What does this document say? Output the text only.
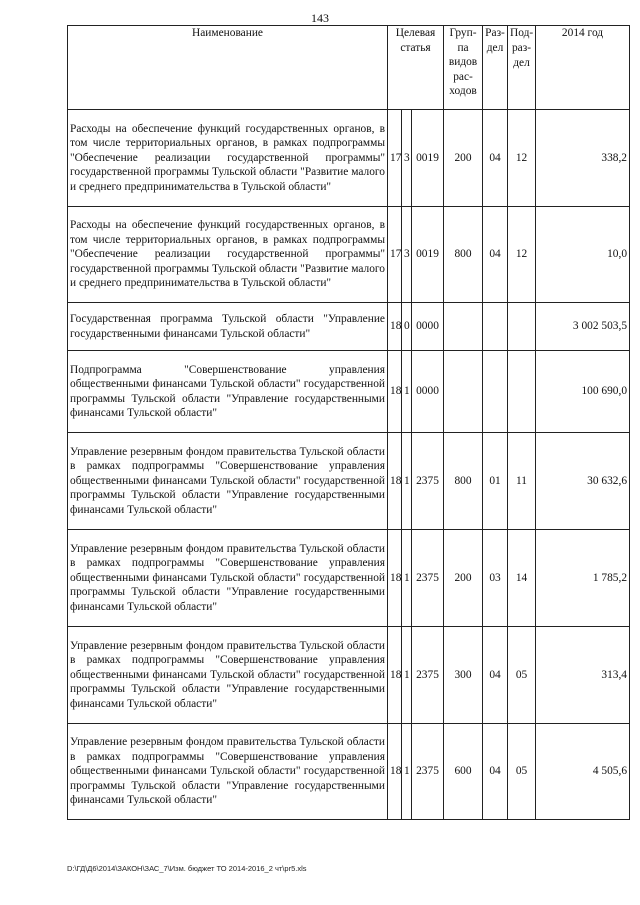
143
Наименование	Целевая статья			Груп-
па
видов
рас-
ходов	Раз-
дел	Под-
раз-
дел	2014 год
Расходы на обеспечение функций государственных органов, в том числе территориальных органов, в рамках подпрограммы "Обеспечение реализации государственной программы" государственной программы Тульской области "Развитие малого и среднего предпринимательства в Тульской области"	17	3	0019	200	04	12	338,2
Расходы на обеспечение функций государственных органов, в том числе территориальных органов, в рамках подпрограммы "Обеспечение реализации государственной программы" государственной программы Тульской области "Развитие малого и среднего предпринимательства в Тульской области"	17	3	0019	800	04	12	10,0
Государственная программа Тульской области "Управление государственными финансами Тульской области"	18	0	0000				3 002 503,5
Подпрограмма "Совершенствование управления общественными финансами Тульской области" государственной программы Тульской области "Управление государственными финансами Тульской области"	18	1	0000				100 690,0
Управление резервным фондом правительства Тульской области в рамках подпрограммы "Совершенствование управления общественными финансами Тульской области" государственной программы Тульской области "Управление государственными финансами Тульской области"	18	1	2375	800	01	11	30 632,6
Управление резервным фондом правительства Тульской области в рамках подпрограммы "Совершенствование управления общественными финансами Тульской области" государственной программы Тульской области "Управление государственными финансами Тульской области"	18	1	2375	200	03	14	1 785,2
Управление резервным фондом правительства Тульской области в рамках подпрограммы "Совершенствование управления общественными финансами Тульской области" государственной программы Тульской области "Управление государственными финансами Тульской области"	18	1	2375	300	04	05	313,4
Управление резервным фондом правительства Тульской области в рамках подпрограммы "Совершенствование управления общественными финансами Тульской области" государственной программы Тульской области "Управление государственными финансами Тульской области"	18	1	2375	600	04	05	4 505,6
D:\ГД\Д6\2014\ЗАКОН\ЗАС_7\Изм. бюджет ТО 2014-2016_2 чт\pr5.xls
